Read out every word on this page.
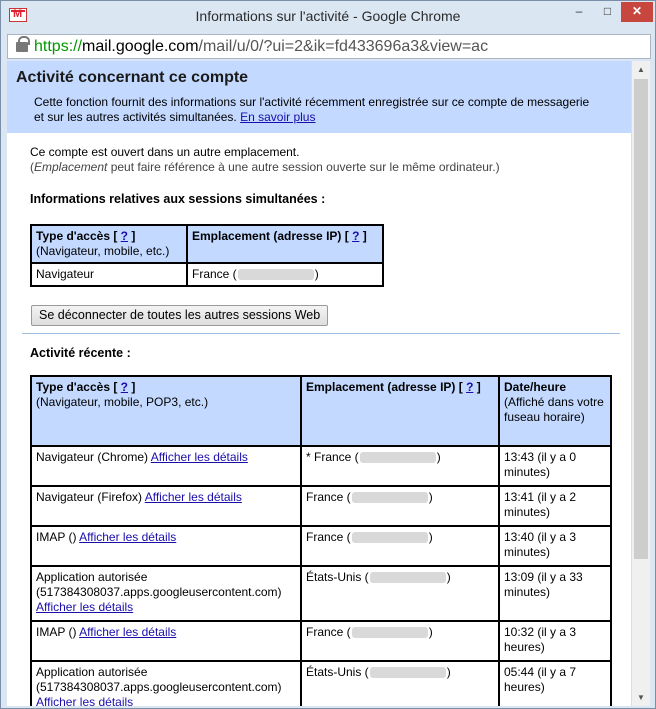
M
Informations sur l'activité - Google Chrome	–	□	✕
https://mail.google.com/mail/u/0/?ui=2&ik=fd433696a3&view=ac
Activité concernant ce compte

Cette fonction fournit des informations sur l'activité récemment enregistrée sur ce compte de messagerie et sur les autres activités simultanées. En savoir plus

Ce compte est ouvert dans un autre emplacement.
(Emplacement peut faire référence à une autre session ouverte sur le même ordinateur.)
Informations relatives aux sessions simultanées :
Type d'accès [ ? ]
(Navigateur, mobile, etc.)	Emplacement (adresse IP) [ ? ]
Navigateur	France ( )
Se déconnecter de toutes les autres sessions Web
Activité récente :
Type d'accès [ ? ]
(Navigateur, mobile, POP3, etc.)	Emplacement (adresse IP) [ ? ]	Date/heure
(Affiché dans votre fuseau horaire)
Navigateur (Chrome) Afficher les détails	* France ( )	13:43 (il y a 0 minutes)
Navigateur (Firefox) Afficher les détails	France ( )	13:41 (il y a 2 minutes)
IMAP () Afficher les détails	France ( )	13:40 (il y a 3 minutes)
Application autorisée (517384308037.apps.googleusercontent.com)
Afficher les détails	États-Unis ( )	13:09 (il y a 33 minutes)
IMAP () Afficher les détails	France ( )	10:32 (il y a 3 heures)
Application autorisée (517384308037.apps.googleusercontent.com)
Afficher les détails	États-Unis ( )	05:44 (il y a 7 heures)
▲
▼
